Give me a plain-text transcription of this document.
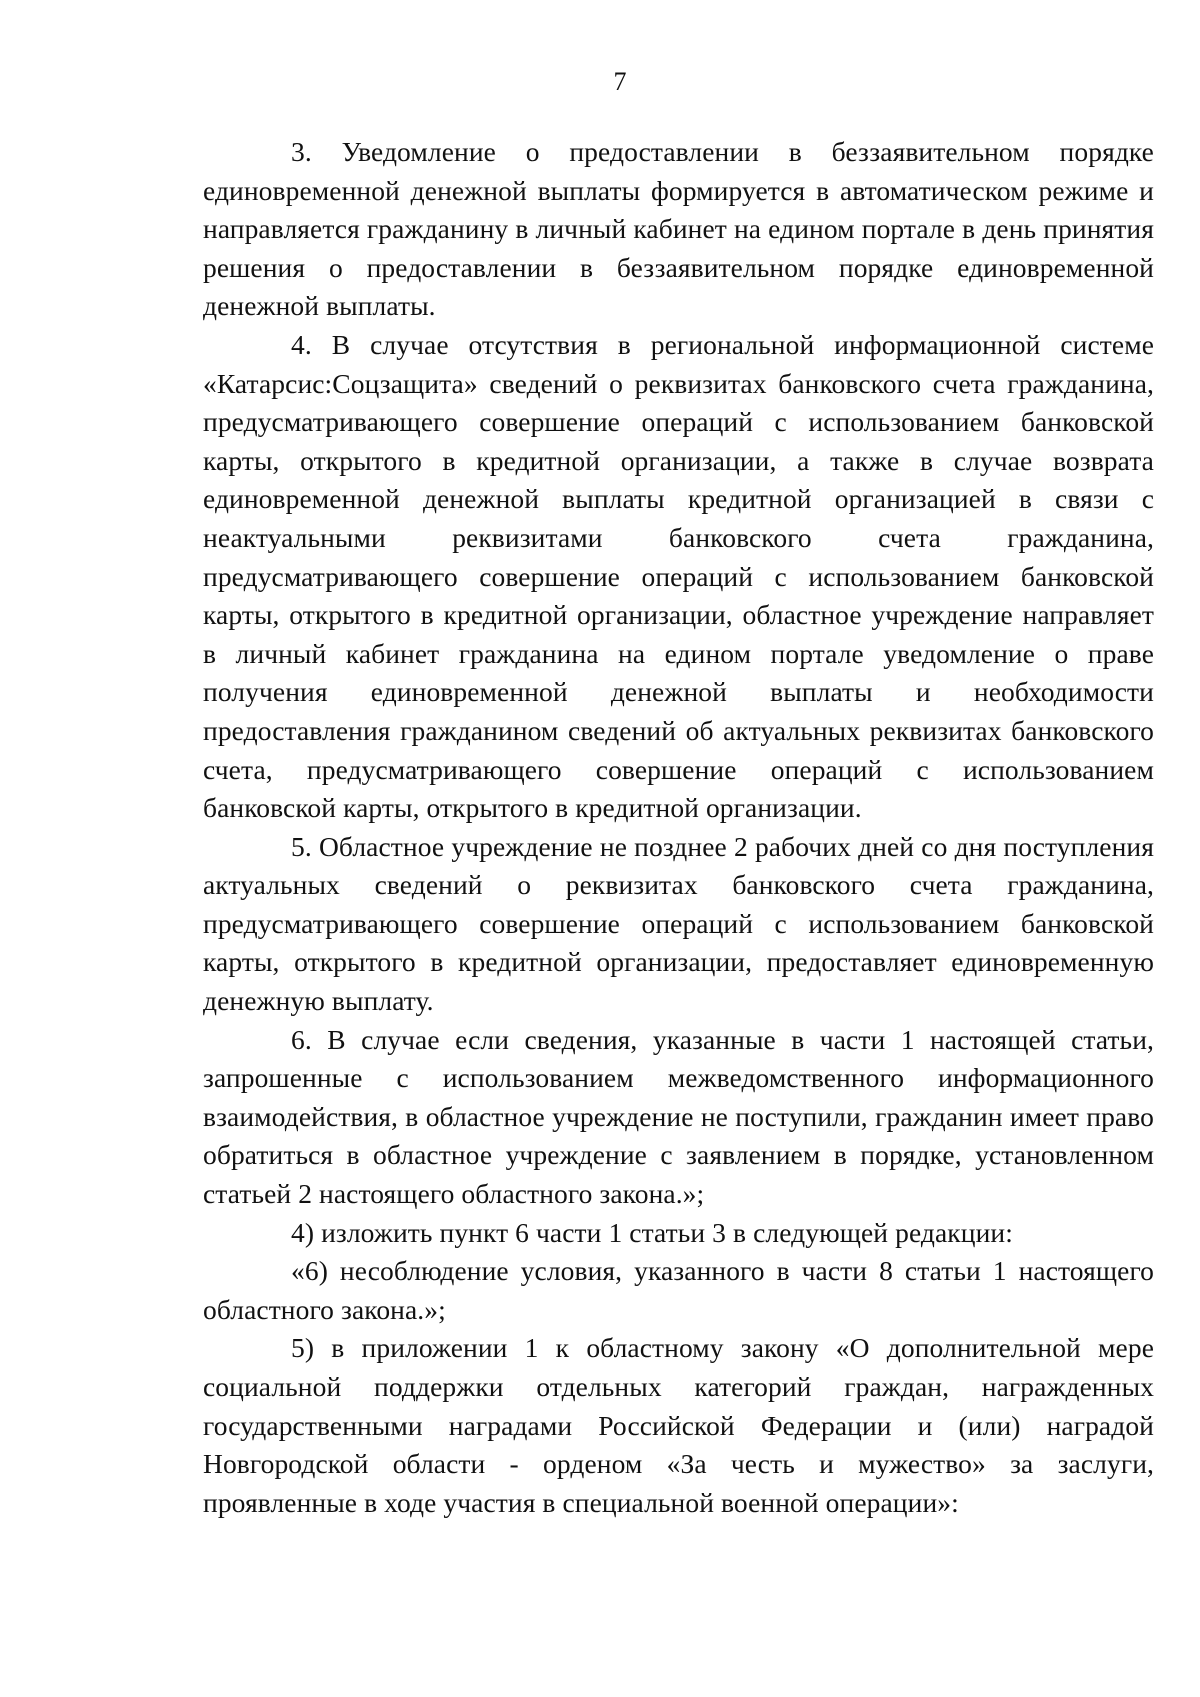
7

3. Уведомление о предоставлении в беззаявительном порядке единовременной денежной выплаты формируется в автоматическом режиме и направляется гражданину в личный кабинет на едином портале в день принятия решения о предоставлении в беззаявительном порядке единовременной денежной выплаты.

4. В случае отсутствия в региональной информационной системе «Катарсис:Соцзащита» сведений о реквизитах банковского счета гражданина, предусматривающего совершение операций с использованием банковской карты, открытого в кредитной организации, а также в случае возврата единовременной денежной выплаты кредитной организацией в связи с неактуальными реквизитами банковского счета гражданина, предусматривающего совершение операций с использованием банковской карты, открытого в кредитной организации, областное учреждение направляет в личный кабинет гражданина на едином портале уведомление о праве получения единовременной денежной выплаты и необходимости предоставления гражданином сведений об актуальных реквизитах банковского счета, предусматривающего совершение операций с использованием банковской карты, открытого в кредитной организации.

5. Областное учреждение не позднее 2 рабочих дней со дня поступления актуальных сведений о реквизитах банковского счета гражданина, предусматривающего совершение операций с использованием банковской карты, открытого в кредитной организации, предоставляет единовременную денежную выплату.

6. В случае если сведения, указанные в части 1 настоящей статьи, запрошенные с использованием межведомственного информационного взаимодействия, в областное учреждение не поступили, гражданин имеет право обратиться в областное учреждение с заявлением в порядке, установленном статьей 2 настоящего областного закона.»;

4) изложить пункт 6 части 1 статьи 3 в следующей редакции:

«6) несоблюдение условия, указанного в части 8 статьи 1 настоящего областного закона.»;

5) в приложении 1 к областному закону «О дополнительной мере социальной поддержки отдельных категорий граждан, награжденных государственными наградами Российской Федерации и (или) наградой Новгородской области - орденом «За честь и мужество» за заслуги, проявленные в ходе участия в специальной военной операции»:
